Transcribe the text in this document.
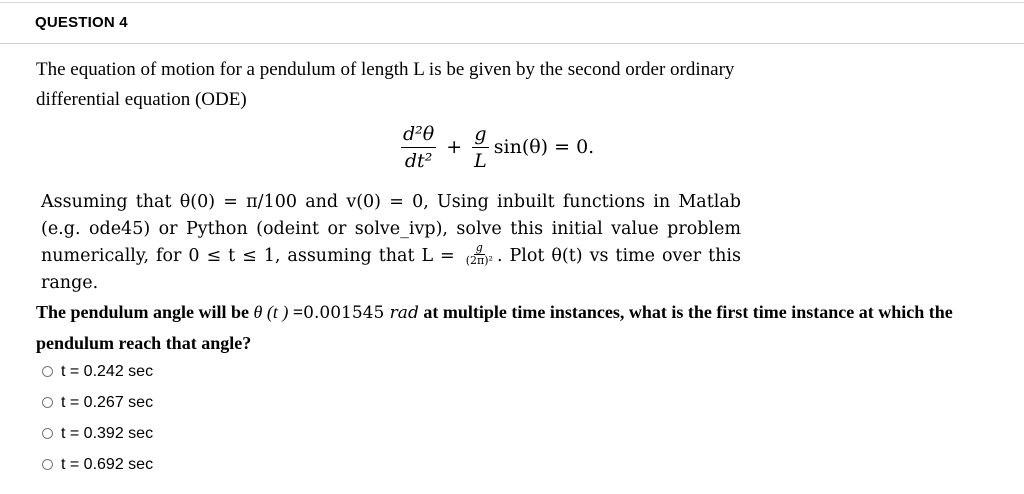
QUESTION 4

The equation of motion for a pendulum of length L is be given by the second order ordinary

differential equation (ODE)

$\frac{\text{d²θ}}{\text{dt²}} + \frac{g}{L} \sin(\theta) = 0$.
Assuming that θ(0) = π/100 and v(0) = 0, Using inbuilt functions in Matlab (e.g. ode45) or Python (odeint or solve_ivp), solve this initial value problem numerically, for 0 ≤ t ≤ 1, assuming that $L = \frac{g}{\text{(2π)²}}$ . Plot θ(t) vs time over this range.
The pendulum angle will be θ (t ) =0.001545 rad at multiple time instances, what is the first time instance at which the pendulum reach that angle?
t = 0.242 sec
t = 0.267 sec
t = 0.392 sec
t = 0.692 sec
